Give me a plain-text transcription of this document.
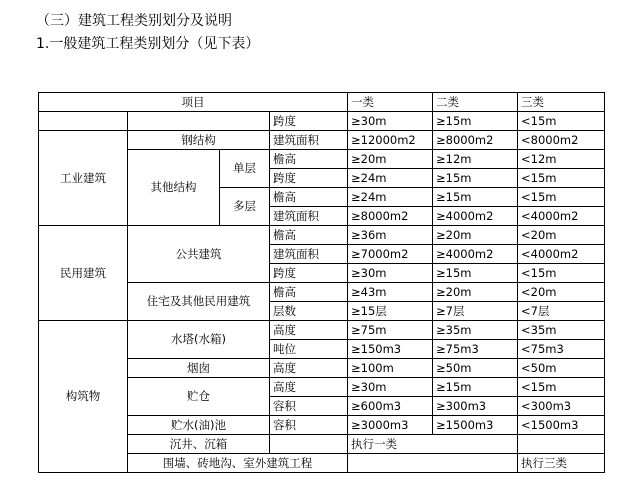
（三）建筑工程类别划分及说明
1.一般建筑工程类别划分（见下表）
项目				一类	二类	三类
			跨度	≥30m	≥15m	<15m
工业建筑	钢结构		建筑面积	≥12000m2	≥8000m2	<8000m2
	其他结构	单层	檐高	≥20m	≥12m	<12m
			跨度	≥24m	≥15m	<15m
		多层	檐高	≥24m	≥15m	<15m
			建筑面积	≥8000m2	≥4000m2	<4000m2
民用建筑	公共建筑		檐高	≥36m	≥20m	<20m
			建筑面积	≥7000m2	≥4000m2	<4000m2
			跨度	≥30m	≥15m	<15m
	住宅及其他民用建筑		檐高	≥43m	≥20m	<20m
			层数	≥15层	≥7层	<7层
构筑物	水塔(水箱)		高度	≥75m	≥35m	<35m
			吨位	≥150m3	≥75m3	<75m3
	烟囱		高度	≥100m	≥50m	<50m
	贮仓		高度	≥30m	≥15m	<15m
			容积	≥600m3	≥300m3	<300m3
	贮水(油)池		容积	≥3000m3	≥1500m3	<1500m3
	沉井、沉箱			执行一类		
	围墙、砖地沟、室外建筑工程					执行三类
